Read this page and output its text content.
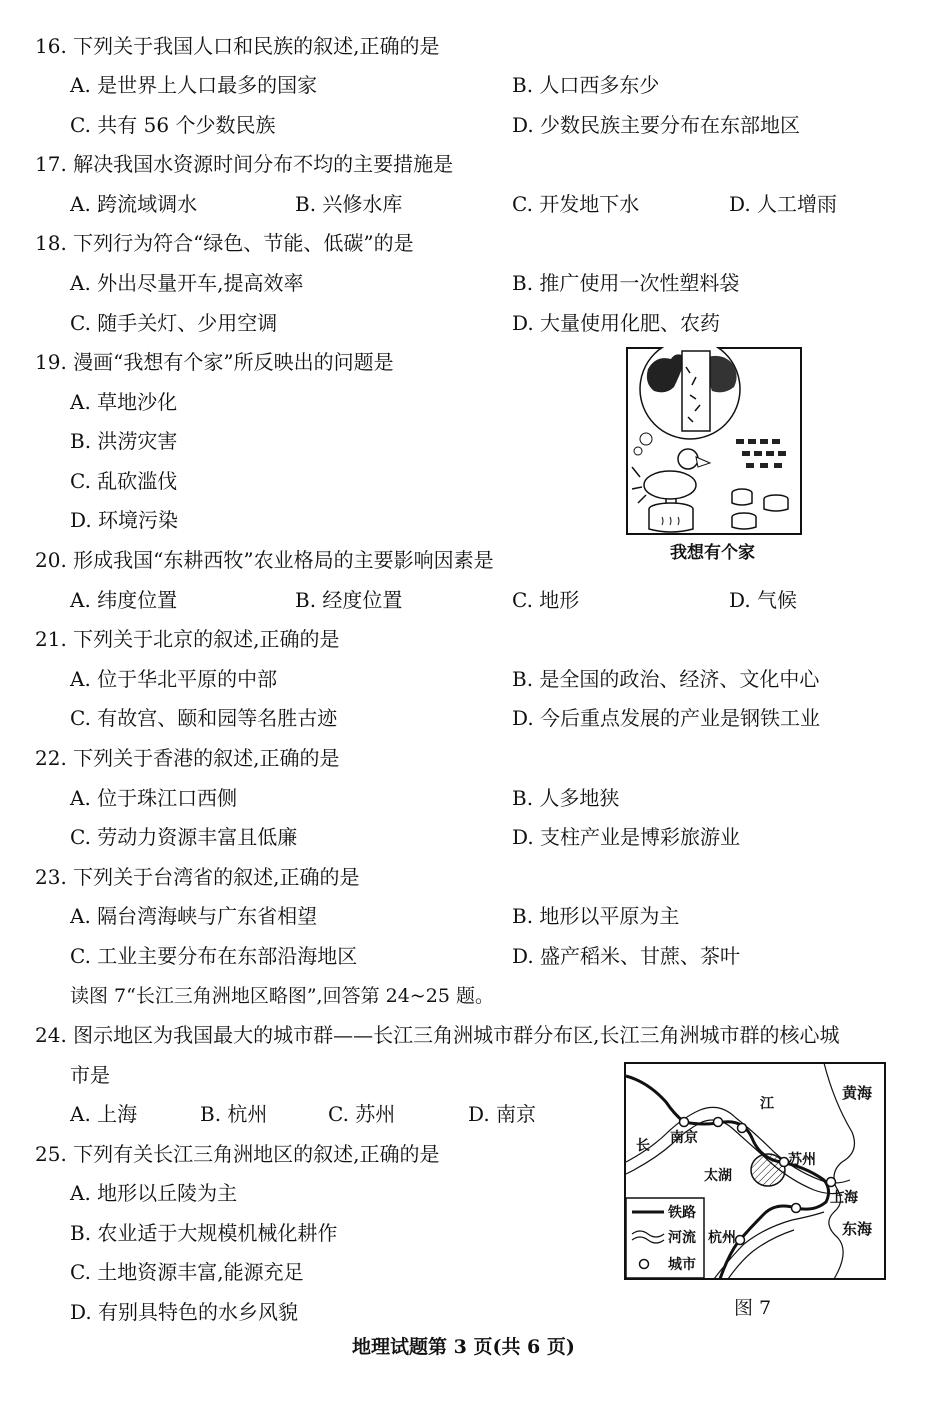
16. 下列关于我国人口和民族的叙述,正确的是
A. 是世界上人口最多的国家	B. 人口西多东少
C. 共有 56 个少数民族	D. 少数民族主要分布在东部地区
17. 解决我国水资源时间分布不均的主要措施是
A. 跨流域调水	B. 兴修水库	C. 开发地下水	D. 人工增雨
18. 下列行为符合“绿色、节能、低碳”的是
A. 外出尽量开车,提高效率	B. 推广使用一次性塑料袋
C. 随手关灯、少用空调	D. 大量使用化肥、农药
19. 漫画“我想有个家”所反映出的问题是
A. 草地沙化
B. 洪涝灾害
C. 乱砍滥伐
D. 环境污染
我想有个家
20. 形成我国“东耕西牧”农业格局的主要影响因素是
A. 纬度位置	B. 经度位置	C. 地形	D. 气候
21. 下列关于北京的叙述,正确的是
A. 位于华北平原的中部	B. 是全国的政治、经济、文化中心
C. 有故宫、颐和园等名胜古迹	D. 今后重点发展的产业是钢铁工业
22. 下列关于香港的叙述,正确的是
A. 位于珠江口西侧	B. 人多地狭
C. 劳动力资源丰富且低廉	D. 支柱产业是博彩旅游业
23. 下列关于台湾省的叙述,正确的是
A. 隔台湾海峡与广东省相望	B. 地形以平原为主
C. 工业主要分布在东部沿海地区	D. 盛产稻米、甘蔗、茶叶
读图 7“长江三角洲地区略图”,回答第 24~25 题。
24. 图示地区为我国最大的城市群——长江三角洲城市群分布区,长江三角洲城市群的核心城
市是
A. 上海	B. 杭州	C. 苏州	D. 南京
25. 下列有关长江三角洲地区的叙述,正确的是
A. 地形以丘陵为主
B. 农业适于大规模机械化耕作
C. 土地资源丰富,能源充足
D. 有别具特色的水乡风貌
黄海
江
长 南京
苏州
太湖
上海
东海
杭州
铁路
河流
城市
图 7
地理试题第 3 页(共 6 页)
